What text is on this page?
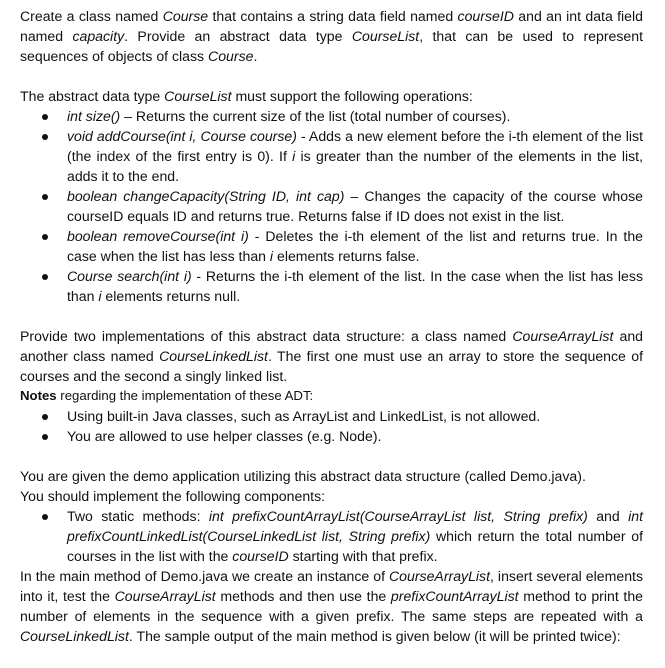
Create a class named Course that contains a string data field named courseID and an int data field named capacity. Provide an abstract data type CourseList, that can be used to represent sequences of objects of class Course.

The abstract data type CourseList must support the following operations:

int size() – Returns the current size of the list (total number of courses).
void addCourse(int i, Course course) - Adds a new element before the i-th element of the list (the index of the first entry is 0). If i is greater than the number of the elements in the list, adds it to the end.
boolean changeCapacity(String ID, int cap) – Changes the capacity of the course whose courseID equals ID and returns true. Returns false if ID does not exist in the list.
boolean removeCourse(int i) - Deletes the i-th element of the list and returns true. In the case when the list has less than i elements returns false.
Course search(int i) - Returns the i-th element of the list. In the case when the list has less than i elements returns null.

Provide two implementations of this abstract data structure: a class named CourseArrayList and another class named CourseLinkedList. The first one must use an array to store the sequence of courses and the second a singly linked list.

Notes regarding the implementation of these ADT:

Using built-in Java classes, such as ArrayList and LinkedList, is not allowed.
You are allowed to use helper classes (e.g. Node).

You are given the demo application utilizing this abstract data structure (called Demo.java).

You should implement the following components:

Two static methods: int prefixCountArrayList(CourseArrayList list, String prefix) and int prefixCountLinkedList(CourseLinkedList list, String prefix) which return the total number of courses in the list with the courseID starting with that prefix.

In the main method of Demo.java we create an instance of CourseArrayList, insert several elements into it, test the CourseArrayList methods and then use the prefixCountArrayList method to print the number of elements in the sequence with a given prefix. The same steps are repeated with a CourseLinkedList. The sample output of the main method is given below (it will be printed twice):
